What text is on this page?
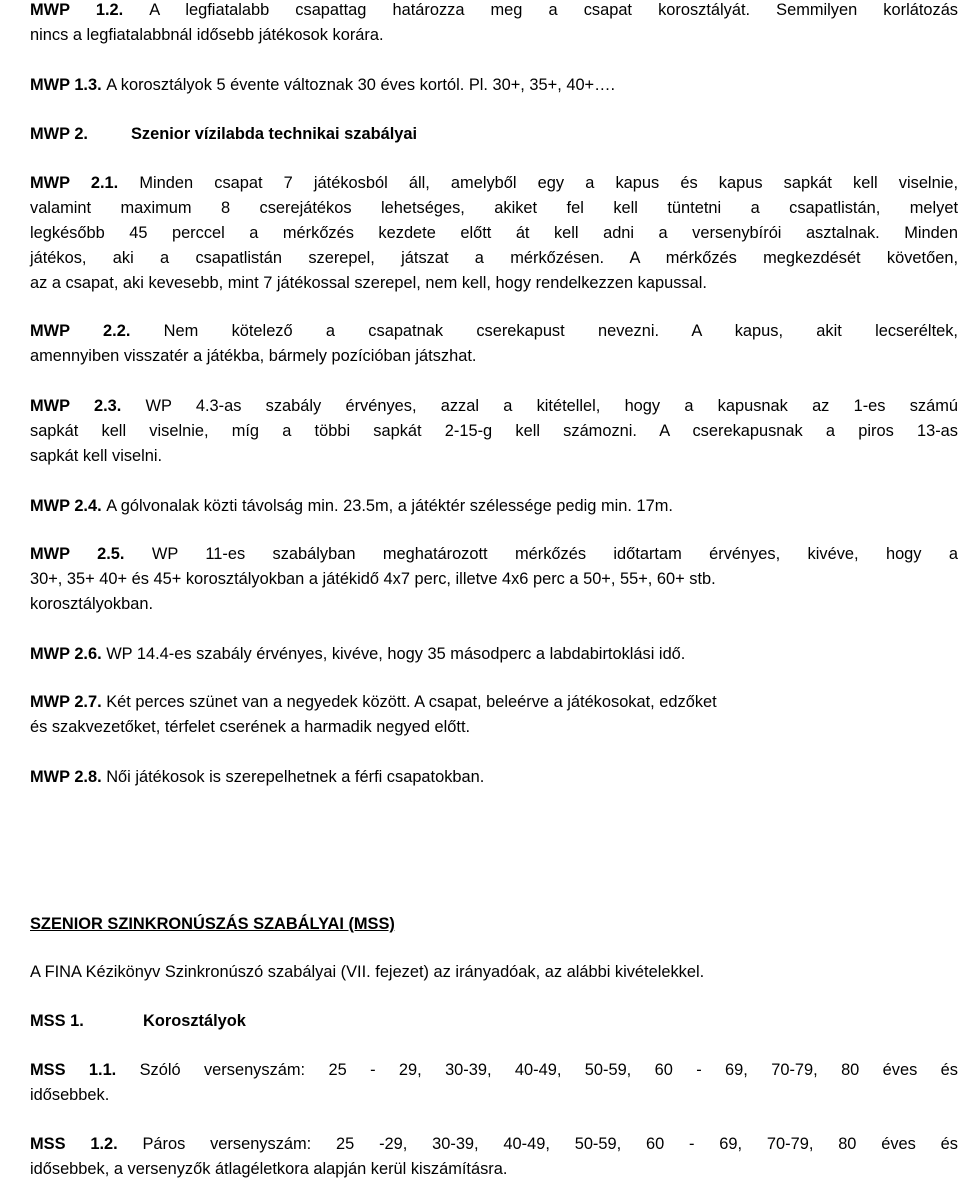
MWP 1.2. A legfiatalabb csapattag határozza meg a csapat korosztályát. Semmilyen korlátozás
nincs a legfiatalabbnál idősebb játékosok korára.
MWP 1.3. A korosztályok 5 évente változnak 30 éves kortól. Pl. 30+, 35+, 40+….
MWP 2.	Szenior vízilabda technikai szabályai
MWP 2.1. Minden csapat 7 játékosból áll, amelyből egy a kapus és kapus sapkát kell viselnie,
valamint maximum 8 cserejátékos lehetséges, akiket fel kell tüntetni a csapatlistán, melyet
legkésőbb 45 perccel a mérkőzés kezdete előtt át kell adni a versenybírói asztalnak. Minden
játékos, aki a csapatlistán szerepel, játszat a mérkőzésen. A mérkőzés megkezdését követően,
az a csapat, aki kevesebb, mint 7 játékossal szerepel, nem kell, hogy rendelkezzen kapussal.
MWP 2.2. Nem kötelező a csapatnak cserekapust nevezni. A kapus, akit lecseréltek,
amennyiben visszatér a játékba, bármely pozícióban játszhat.
MWP 2.3. WP 4.3-as szabály érvényes, azzal a kitétellel, hogy a kapusnak az 1-es számú
sapkát kell viselnie, míg a többi sapkát 2-15-g kell számozni. A cserekapusnak a piros 13-as
sapkát kell viselni.
MWP 2.4. A gólvonalak közti távolság min. 23.5m, a játéktér szélessége pedig min. 17m.
MWP 2.5. WP 11-es szabályban meghatározott mérkőzés időtartam érvényes, kivéve, hogy a
30+, 35+ 40+ és 45+ korosztályokban a játékidő 4x7 perc, illetve 4x6 perc a 50+, 55+, 60+ stb.
korosztályokban.
MWP 2.6. WP 14.4-es szabály érvényes, kivéve, hogy 35 másodperc a labdabirtoklási idő.
MWP 2.7. Két perces szünet van a negyedek között. A csapat, beleérve a játékosokat, edzőket
és szakvezetőket, térfelet cserének a harmadik negyed előtt.
MWP 2.8. Női játékosok is szerepelhetnek a férfi csapatokban.
SZENIOR SZINKRONÚSZÁS SZABÁLYAI (MSS)
A FINA Kézikönyv Szinkronúszó szabályai (VII. fejezet) az irányadóak, az alábbi kivételekkel.
MSS 1.	Korosztályok
MSS 1.1. Szóló versenyszám: 25 - 29, 30-39, 40-49, 50-59, 60 - 69, 70-79, 80 éves és
idősebbek.
MSS 1.2. Páros versenyszám: 25 -29, 30-39, 40-49, 50-59, 60 - 69, 70-79, 80 éves és
idősebbek, a versenyzők átlagéletkora alapján kerül kiszámításra.
